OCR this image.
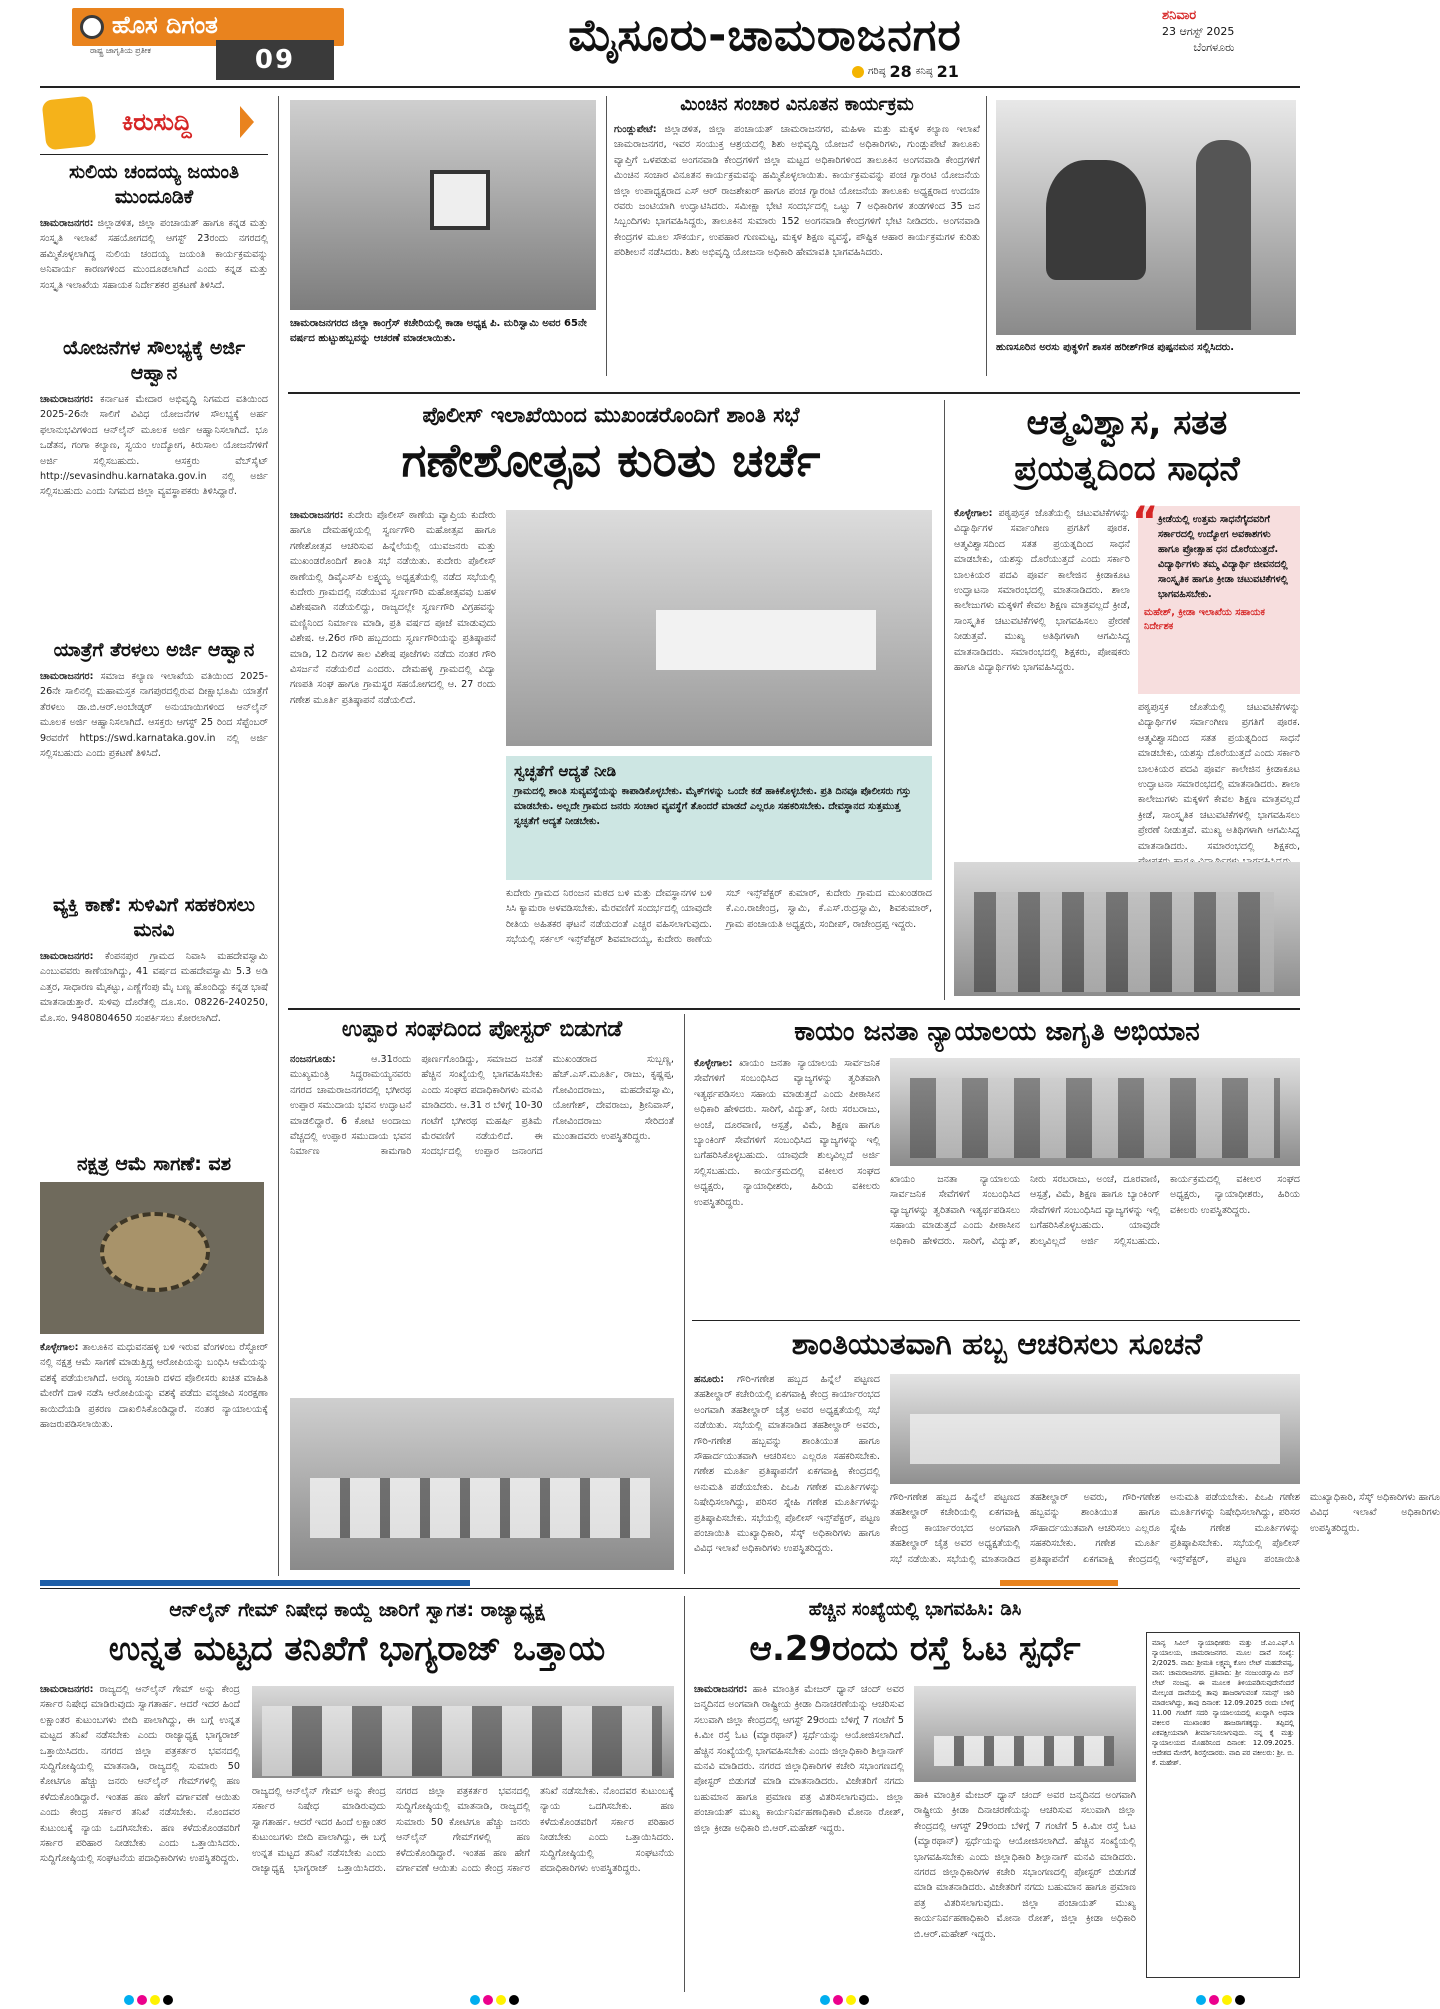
ಹೊಸ ದಿಗಂತ
ರಾಷ್ಟ್ರ ಜಾಗೃತಿಯ ಪ್ರತೀಕ	09	ಮೈಸೂರು-ಚಾಮರಾಜನಗರ
ಗರಿಷ್ಠ 28 ಕನಿಷ್ಠ 21
ಶನಿವಾರ
23 ಆಗಸ್ಟ್ 2025
ಬೆಂಗಳೂರು
ಕಿರುಸುದ್ದಿ
ಸುಲಿಯ ಚಂದಯ್ಯ ಜಯಂತಿ ಮುಂದೂಡಿಕೆ
ಚಾಮರಾಜನಗರ: ಜಿಲ್ಲಾಡಳಿತ, ಜಿಲ್ಲಾ ಪಂಚಾಯತ್ ಹಾಗೂ ಕನ್ನಡ ಮತ್ತು ಸಂಸ್ಕೃತಿ ಇಲಾಖೆ ಸಹಯೋಗದಲ್ಲಿ ಆಗಸ್ಟ್ 23ರಂದು ನಗರದಲ್ಲಿ ಹಮ್ಮಿಕೊಳ್ಳಲಾಗಿದ್ದ ನುಲಿಯ ಚಂದಯ್ಯ ಜಯಂತಿ ಕಾರ್ಯಕ್ರಮವನ್ನು ಅನಿವಾರ್ಯ ಕಾರಣಗಳಿಂದ ಮುಂದೂಡಲಾಗಿದೆ ಎಂದು ಕನ್ನಡ ಮತ್ತು ಸಂಸ್ಕೃತಿ ಇಲಾಖೆಯ ಸಹಾಯಕ ನಿರ್ದೇಶಕರ ಪ್ರಕಟಣೆ ತಿಳಿಸಿದೆ.
ಯೋಜನೆಗಳ ಸೌಲಭ್ಯಕ್ಕೆ ಅರ್ಜಿ ಆಹ್ವಾನ
ಚಾಮರಾಜನಗರ: ಕರ್ನಾಟಕ ಮೇದಾರ ಅಭಿವೃದ್ಧಿ ನಿಗಮದ ವತಿಯಿಂದ 2025-26ನೇ ಸಾಲಿಗೆ ವಿವಿಧ ಯೋಜನೆಗಳ ಸೌಲಭ್ಯಕ್ಕೆ ಅರ್ಹ ಫಲಾನುಭವಿಗಳಿಂದ ಆನ್‌ಲೈನ್ ಮೂಲಕ ಅರ್ಜಿ ಆಹ್ವಾನಿಸಲಾಗಿದೆ. ಭೂ ಒಡೆತನ, ಗಂಗಾ ಕಲ್ಯಾಣ, ಸ್ವಯಂ ಉದ್ಯೋಗ, ಕಿರುಸಾಲ ಯೋಜನೆಗಳಿಗೆ ಅರ್ಜಿ ಸಲ್ಲಿಸಬಹುದು. ಆಸಕ್ತರು ವೆಬ್‌ಸೈಟ್ http://sevasindhu.karnataka.gov.in ನಲ್ಲಿ ಅರ್ಜಿ ಸಲ್ಲಿಸಬಹುದು ಎಂದು ನಿಗಮದ ಜಿಲ್ಲಾ ವ್ಯವಸ್ಥಾಪಕರು ತಿಳಿಸಿದ್ದಾರೆ.
ಯಾತ್ರೆಗೆ ತೆರಳಲು ಅರ್ಜಿ ಆಹ್ವಾನ
ಚಾಮರಾಜನಗರ: ಸಮಾಜ ಕಲ್ಯಾಣ ಇಲಾಖೆಯ ವತಿಯಿಂದ 2025-26ನೇ ಸಾಲಿನಲ್ಲಿ ಮಹಾಮಸ್ತಕ ನಾಗಪುರದಲ್ಲಿರುವ ದೀಕ್ಷಾಭೂಮಿ ಯಾತ್ರೆಗೆ ತೆರಳಲು ಡಾ.ಬಿ.ಆರ್.ಅಂಬೇಡ್ಕರ್ ಅನುಯಾಯಿಗಳಿಂದ ಆನ್‌ಲೈನ್ ಮೂಲಕ ಅರ್ಜಿ ಆಹ್ವಾನಿಸಲಾಗಿದೆ. ಆಸಕ್ತರು ಆಗಸ್ಟ್ 25 ರಿಂದ ಸೆಪ್ಟೆಂಬರ್ 9ರವರೆಗೆ https://swd.karnataka.gov.in ನಲ್ಲಿ ಅರ್ಜಿ ಸಲ್ಲಿಸಬಹುದು ಎಂದು ಪ್ರಕಟಣೆ ತಿಳಿಸಿದೆ.
ವ್ಯಕ್ತಿ ಕಾಣೆ: ಸುಳಿವಿಗೆ ಸಹಕರಿಸಲು ಮನವಿ
ಚಾಮರಾಜನಗರ: ಕೆಂಪನಪುರ ಗ್ರಾಮದ ನಿವಾಸಿ ಮಹದೇವಸ್ವಾಮಿ ಎಂಬುವವರು ಕಾಣೆಯಾಗಿದ್ದು, 41 ವರ್ಷದ ಮಹದೇವಸ್ವಾಮಿ 5.3 ಅಡಿ ಎತ್ತರ, ಸಾಧಾರಣ ಮೈಕಟ್ಟು, ಎಣ್ಣೆಗೆಂಪು ಮೈ ಬಣ್ಣ ಹೊಂದಿದ್ದು ಕನ್ನಡ ಭಾಷೆ ಮಾತನಾಡುತ್ತಾರೆ. ಸುಳಿವು ದೊರೆತಲ್ಲಿ ದೂ.ಸಂ. 08226-240250, ಮೊ.ಸಂ. 9480804650 ಸಂಪರ್ಕಿಸಲು ಕೋರಲಾಗಿದೆ.
ನಕ್ಷತ್ರ ಆಮೆ ಸಾಗಣೆ: ವಶ
ಕೊಳ್ಳೇಗಾಲ: ತಾಲೂಕಿನ ಮಧುವನಹಳ್ಳಿ ಬಳಿ ಇರುವ ವೆಂಗಳಂಬ ರೆಸ್ಟೋರ್ ನಲ್ಲಿ ನಕ್ಷತ್ರ ಆಮೆ ಸಾಗಣೆ ಮಾಡುತ್ತಿದ್ದ ಆರೋಪಿಯನ್ನು ಬಂಧಿಸಿ ಆಮೆಯನ್ನು ವಶಕ್ಕೆ ಪಡೆಯಲಾಗಿದೆ. ಅರಣ್ಯ ಸಂಚಾರಿ ದಳದ ಪೊಲೀಸರು ಖಚಿತ ಮಾಹಿತಿ ಮೇರೆಗೆ ದಾಳಿ ನಡೆಸಿ ಆರೋಪಿಯನ್ನು ವಶಕ್ಕೆ ಪಡೆದು ವನ್ಯಜೀವಿ ಸಂರಕ್ಷಣಾ ಕಾಯಿದೆಯಡಿ ಪ್ರಕರಣ ದಾಖಲಿಸಿಕೊಂಡಿದ್ದಾರೆ. ನಂತರ ನ್ಯಾಯಾಲಯಕ್ಕೆ ಹಾಜರುಪಡಿಸಲಾಯಿತು.
ಚಾಮರಾಜನಗರದ ಜಿಲ್ಲಾ ಕಾಂಗ್ರೆಸ್ ಕಚೇರಿಯಲ್ಲಿ ಕಾಡಾ ಅಧ್ಯಕ್ಷ ಪಿ. ಮರಿಸ್ವಾಮಿ ಅವರ 65ನೇ ವರ್ಷದ ಹುಟ್ಟುಹಬ್ಬವನ್ನು ಆಚರಣೆ ಮಾಡಲಾಯಿತು.
ಮಿಂಚಿನ ಸಂಚಾರ ವಿನೂತನ ಕಾರ್ಯಕ್ರಮ
ಗುಂಡ್ಲುಪೇಟೆ: ಜಿಲ್ಲಾಡಳಿತ, ಜಿಲ್ಲಾ ಪಂಚಾಯತ್ ಚಾಮರಾಜನಗರ, ಮಹಿಳಾ ಮತ್ತು ಮಕ್ಕಳ ಕಲ್ಯಾಣ ಇಲಾಖೆ ಚಾಮರಾಜನಗರ, ಇವರ ಸಂಯುಕ್ತ ಆಶ್ರಯದಲ್ಲಿ ಶಿಶು ಅಭಿವೃದ್ಧಿ ಯೋಜನೆ ಅಧಿಕಾರಿಗಳು, ಗುಂಡ್ಲುಪೇಟೆ ತಾಲೂಕು ವ್ಯಾಪ್ತಿಗೆ ಒಳಪಡುವ ಅಂಗನವಾಡಿ ಕೇಂದ್ರಗಳಿಗೆ ಜಿಲ್ಲಾ ಮಟ್ಟದ ಅಧಿಕಾರಿಗಳಿಂದ ತಾಲೂಕಿನ ಅಂಗನವಾಡಿ ಕೇಂದ್ರಗಳಿಗೆ ಮಿಂಚಿನ ಸಂಚಾರ ವಿನೂತನ ಕಾರ್ಯಕ್ರಮವನ್ನು ಹಮ್ಮಿಕೊಳ್ಳಲಾಯಿತು. ಕಾರ್ಯಕ್ರಮವನ್ನು ಪಂಚ ಗ್ಯಾರಂಟಿ ಯೋಜನೆಯ ಜಿಲ್ಲಾ ಉಪಾಧ್ಯಕ್ಷರಾದ ಎಸ್ ಆರ್ ರಾಜಶೇಖರ್ ಹಾಗೂ ಪಂಚ ಗ್ಯಾರಂಟಿ ಯೋಜನೆಯ ತಾಲೂಕು ಅಧ್ಯಕ್ಷರಾದ ಉದಯಾ ರವರು ಜಂಟಿಯಾಗಿ ಉದ್ಘಾಟಿಸಿದರು. ಸಮೀಕ್ಷಾ ಭೇಟಿ ಸಂದರ್ಭದಲ್ಲಿ ಒಟ್ಟು 7 ಅಧಿಕಾರಿಗಳ ತಂಡಗಳಿಂದ 35 ಜನ ಸಿಬ್ಬಂದಿಗಳು ಭಾಗವಹಿಸಿದ್ದರು, ತಾಲೂಕಿನ ಸುಮಾರು 152 ಅಂಗನವಾಡಿ ಕೇಂದ್ರಗಳಿಗೆ ಭೇಟಿ ನೀಡಿದರು. ಅಂಗನವಾಡಿ ಕೇಂದ್ರಗಳ ಮೂಲ ಸೌಕರ್ಯ, ಉಪಹಾರ ಗುಣಮಟ್ಟ, ಮಕ್ಕಳ ಶಿಕ್ಷಣ ವ್ಯವಸ್ಥೆ, ಪೌಷ್ಟಿಕ ಆಹಾರ ಕಾರ್ಯಕ್ರಮಗಳ ಕುರಿತು ಪರಿಶೀಲನೆ ನಡೆಸಿದರು. ಶಿಶು ಅಭಿವೃದ್ಧಿ ಯೋಜನಾ ಅಧಿಕಾರಿ ಹೇಮಾವತಿ ಭಾಗವಹಿಸಿದರು.
ಹುಣಸೂರಿನ ಅರಸು ಪುತ್ಥಳಿಗೆ ಶಾಸಕ ಹರೀಶ್‌ಗೌಡ ಪುಷ್ಪನಮನ ಸಲ್ಲಿಸಿದರು.
ಪೊಲೀಸ್ ಇಲಾಖೆಯಿಂದ ಮುಖಂಡರೊಂದಿಗೆ ಶಾಂತಿ ಸಭೆ
ಗಣೇಶೋತ್ಸವ ಕುರಿತು ಚರ್ಚೆ
ಚಾಮರಾಜನಗರ: ಕುದೇರು ಪೊಲೀಸ್ ಠಾಣೆಯ ವ್ಯಾಪ್ತಿಯ ಕುದೇರು ಹಾಗೂ ದೇಮಹಳ್ಳಿಯಲ್ಲಿ ಸ್ವರ್ಣಗೌರಿ ಮಹೋತ್ಸವ ಹಾಗೂ ಗಣೇಶೋತ್ಸವ ಆಚರಿಸುವ ಹಿನ್ನೆಲೆಯಲ್ಲಿ ಯುವಜನರು ಮತ್ತು ಮುಖಂಡರೊಂದಿಗೆ ಶಾಂತಿ ಸಭೆ ನಡೆಯಿತು. ಕುದೇರು ಪೊಲೀಸ್ ಠಾಣೆಯಲ್ಲಿ ಡಿವೈಎಸ್‌ಪಿ ಲಕ್ಷ್ಮಯ್ಯ ಅಧ್ಯಕ್ಷತೆಯಲ್ಲಿ ನಡೆದ ಸಭೆಯಲ್ಲಿ ಕುದೇರು ಗ್ರಾಮದಲ್ಲಿ ನಡೆಯುವ ಸ್ವರ್ಣಗೌರಿ ಮಹೋತ್ಸವವು ಬಹಳ ವಿಶೇಷವಾಗಿ ನಡೆಯಲಿದ್ದು, ರಾಜ್ಯದಲ್ಲೇ ಸ್ವರ್ಣಗೌರಿ ವಿಗ್ರಹವನ್ನು ಮಣ್ಣಿನಿಂದ ನಿರ್ಮಾಣ ಮಾಡಿ, ಪ್ರತಿ ವರ್ಷದ ಪೂಜೆ ಮಾಡುವುದು ವಿಶೇಷ. ಆ.26ರ ಗೌರಿ ಹಬ್ಬದಂದು ಸ್ವರ್ಣಗೌರಿಯನ್ನು ಪ್ರತಿಷ್ಠಾಪನೆ ಮಾಡಿ, 12 ದಿನಗಳ ಕಾಲ ವಿಶೇಷ ಪೂಜೆಗಳು ನಡೆದು ನಂತರ ಗೌರಿ ವಿಸರ್ಜನೆ ನಡೆಯಲಿದೆ ಎಂದರು. ದೇಮಹಳ್ಳಿ ಗ್ರಾಮದಲ್ಲಿ ವಿದ್ಯಾ ಗಣಪತಿ ಸಂಘ ಹಾಗೂ ಗ್ರಾಮಸ್ಥರ ಸಹಯೋಗದಲ್ಲಿ ಆ. 27 ರಂದು ಗಣೇಶ ಮೂರ್ತಿ ಪ್ರತಿಷ್ಠಾಪನೆ ನಡೆಯಲಿದೆ.
ಸ್ವಚ್ಛತೆಗೆ ಆದ್ಯತೆ ನೀಡಿ
ಗ್ರಾಮದಲ್ಲಿ ಶಾಂತಿ ಸುವ್ಯವಸ್ಥೆಯನ್ನು ಕಾಪಾಡಿಕೊಳ್ಳಬೇಕು. ಮೈಕ್‌ಗಳನ್ನು ಒಂದೇ ಕಡೆ ಹಾಕಿಕೊಳ್ಳಬೇಕು. ಪ್ರತಿ ದಿನವೂ ಪೊಲೀಸರು ಗಸ್ತು ಮಾಡಬೇಕು. ಅಲ್ಲದೇ ಗ್ರಾಮದ ಜನರು ಸಂಚಾರ ವ್ಯವಸ್ಥೆಗೆ ತೊಂದರೆ ಮಾಡದೆ ಎಲ್ಲರೂ ಸಹಕರಿಸಬೇಕು. ದೇವಸ್ಥಾನದ ಸುತ್ತಮುತ್ತ ಸ್ವಚ್ಛತೆಗೆ ಆದ್ಯತೆ ನೀಡಬೇಕು.
ಕುದೇರು ಗ್ರಾಮದ ನಿರಂಜನ ಮಠದ ಬಳಿ ಮತ್ತು ದೇವಸ್ಥಾನಗಳ ಬಳಿ ಸಿಸಿ ಕ್ಯಾಮರಾ ಅಳವಡಿಸಬೇಕು. ಮೆರವಣಿಗೆ ಸಂದರ್ಭದಲ್ಲಿ ಯಾವುದೇ ರೀತಿಯ ಅಹಿತಕರ ಘಟನೆ ನಡೆಯದಂತೆ ಎಚ್ಚರ ವಹಿಸಲಾಗುವುದು. ಸಭೆಯಲ್ಲಿ ಸರ್ಕಲ್ ಇನ್ಸ್‌ಪೆಕ್ಟರ್ ಶಿವಮಾದಯ್ಯ, ಕುದೇರು ಠಾಣೆಯ ಸಬ್ ಇನ್ಸ್‌ಪೆಕ್ಟರ್ ಕುಮಾರ್, ಕುದೇರು ಗ್ರಾಮದ ಮುಖಂಡರಾದ ಕೆ.ಎಂ.ರಾಜೇಂದ್ರ, ಸ್ವಾಮಿ, ಕೆ.ಎಸ್.ರುದ್ರಸ್ವಾಮಿ, ಶಿವಕುಮಾರ್, ಗ್ರಾಮ ಪಂಚಾಯತಿ ಅಧ್ಯಕ್ಷರು, ಸಂದೀಪ್, ರಾಜೇಂದ್ರಪ್ಪ ಇದ್ದರು.
ಆತ್ಮವಿಶ್ವಾಸ, ಸತತ ಪ್ರಯತ್ನದಿಂದ ಸಾಧನೆ
ಕೊಳ್ಳೇಗಾಲ: ಪಠ್ಯಪುಸ್ತಕ ಜೊತೆಯಲ್ಲಿ ಚಟುವಟಿಕೆಗಳನ್ನು ವಿದ್ಯಾರ್ಥಿಗಳ ಸರ್ವಾಂಗೀಣ ಪ್ರಗತಿಗೆ ಪೂರಕ. ಆತ್ಮವಿಶ್ವಾಸದಿಂದ ಸತತ ಪ್ರಯತ್ನದಿಂದ ಸಾಧನೆ ಮಾಡಬೇಕು, ಯಶಸ್ಸು ದೊರೆಯುತ್ತದೆ ಎಂದು ಸರ್ಕಾರಿ ಬಾಲಕಿಯರ ಪದವಿ ಪೂರ್ವ ಕಾಲೇಜಿನ ಕ್ರೀಡಾಕೂಟ ಉದ್ಘಾಟನಾ ಸಮಾರಂಭದಲ್ಲಿ ಮಾತನಾಡಿದರು. ಶಾಲಾ ಕಾಲೇಜುಗಳು ಮಕ್ಕಳಿಗೆ ಕೇವಲ ಶಿಕ್ಷಣ ಮಾತ್ರವಲ್ಲದೆ ಕ್ರೀಡೆ, ಸಾಂಸ್ಕೃತಿಕ ಚಟುವಟಿಕೆಗಳಲ್ಲಿ ಭಾಗವಹಿಸಲು ಪ್ರೇರಣೆ ನೀಡುತ್ತವೆ. ಮುಖ್ಯ ಅತಿಥಿಗಳಾಗಿ ಆಗಮಿಸಿದ್ದ ಮಾತನಾಡಿದರು. ಸಮಾರಂಭದಲ್ಲಿ ಶಿಕ್ಷಕರು, ಪೋಷಕರು ಹಾಗೂ ವಿದ್ಯಾರ್ಥಿಗಳು ಭಾಗವಹಿಸಿದ್ದರು.
“ ಕ್ರೀಡೆಯಲ್ಲಿ ಉತ್ತಮ ಸಾಧನೆಗೈದವರಿಗೆ ಸರ್ಕಾರದಲ್ಲಿ ಉದ್ಯೋಗ ಅವಕಾಶಗಳು ಹಾಗೂ ಪ್ರೋತ್ಸಾಹ ಧನ ದೊರೆಯುತ್ತದೆ. ವಿದ್ಯಾರ್ಥಿಗಳು ತಮ್ಮ ವಿದ್ಯಾರ್ಥಿ ಜೀವನದಲ್ಲಿ ಸಾಂಸ್ಕೃತಿಕ ಹಾಗೂ ಕ್ರೀಡಾ ಚಟುವಟಿಕೆಗಳಲ್ಲಿ ಭಾಗವಹಿಸಬೇಕು.
ಮಹೇಶ್, ಕ್ರೀಡಾ ಇಲಾಖೆಯ ಸಹಾಯಕ ನಿರ್ದೇಶಕ
ಪಠ್ಯಪುಸ್ತಕ ಜೊತೆಯಲ್ಲಿ ಚಟುವಟಿಕೆಗಳನ್ನು ವಿದ್ಯಾರ್ಥಿಗಳ ಸರ್ವಾಂಗೀಣ ಪ್ರಗತಿಗೆ ಪೂರಕ. ಆತ್ಮವಿಶ್ವಾಸದಿಂದ ಸತತ ಪ್ರಯತ್ನದಿಂದ ಸಾಧನೆ ಮಾಡಬೇಕು, ಯಶಸ್ಸು ದೊರೆಯುತ್ತದೆ ಎಂದು ಸರ್ಕಾರಿ ಬಾಲಕಿಯರ ಪದವಿ ಪೂರ್ವ ಕಾಲೇಜಿನ ಕ್ರೀಡಾಕೂಟ ಉದ್ಘಾಟನಾ ಸಮಾರಂಭದಲ್ಲಿ ಮಾತನಾಡಿದರು. ಶಾಲಾ ಕಾಲೇಜುಗಳು ಮಕ್ಕಳಿಗೆ ಕೇವಲ ಶಿಕ್ಷಣ ಮಾತ್ರವಲ್ಲದೆ ಕ್ರೀಡೆ, ಸಾಂಸ್ಕೃತಿಕ ಚಟುವಟಿಕೆಗಳಲ್ಲಿ ಭಾಗವಹಿಸಲು ಪ್ರೇರಣೆ ನೀಡುತ್ತವೆ. ಮುಖ್ಯ ಅತಿಥಿಗಳಾಗಿ ಆಗಮಿಸಿದ್ದ ಮಾತನಾಡಿದರು. ಸಮಾರಂಭದಲ್ಲಿ ಶಿಕ್ಷಕರು,
ಉಪ್ಪಾರ ಸಂಘದಿಂದ ಪೋಸ್ಟರ್ ಬಿಡುಗಡೆ
ನಂಜನಗೂಡು:	ಆ.31ರಂದು ಮುಖ್ಯಮಂತ್ರಿ ಸಿದ್ದರಾಮಯ್ಯನವರು ನಗರದ ಚಾಮರಾಜನಗರದಲ್ಲಿ ಭಗೀರಥ ಉಪ್ಪಾರ ಸಮುದಾಯ ಭವನ ಉದ್ಘಾಟನೆ ಮಾಡಲಿದ್ದಾರೆ. 6 ಕೋಟಿ ಅಂದಾಜು ವೆಚ್ಚದಲ್ಲಿ ಉಪ್ಪಾರ ಸಮುದಾಯ ಭವನ ನಿರ್ಮಾಣ ಕಾಮಗಾರಿ ಪೂರ್ಣಗೊಂಡಿದ್ದು, ಸಮಾಜದ ಜನತೆ ಹೆಚ್ಚಿನ ಸಂಖ್ಯೆಯಲ್ಲಿ ಭಾಗವಹಿಸಬೇಕು ಎಂದು ಸಂಘದ ಪದಾಧಿಕಾರಿಗಳು ಮನವಿ ಮಾಡಿದರು. ಆ.31 ರ ಬೆಳಿಗ್ಗೆ 10-30 ಗಂಟೆಗೆ ಭಗೀರಥ ಮಹರ್ಷಿ ಪ್ರತಿಮೆ ಮೆರವಣಿಗೆ ನಡೆಯಲಿದೆ. ಈ ಸಂದರ್ಭದಲ್ಲಿ ಉಪ್ಪಾರ ಜನಾಂಗದ ಮುಖಂಡರಾದ ಸುಬ್ಬಣ್ಣ, ಹೆಚ್.ಎಸ್.ಮೂರ್ತಿ, ರಾಜು, ಕೃಷ್ಣಪ್ಪ, ಗೋವಿಂದರಾಜು, ಮಹದೇವಸ್ವಾಮಿ, ಯೋಗೇಶ್, ದೇವರಾಜು, ಶ್ರೀನಿವಾಸ್, ಗೋವಿಂದರಾಜು ಸೇರಿದಂತೆ ಮುಂತಾದವರು ಉಪಸ್ಥಿತರಿದ್ದರು.
ಕಾಯಂ ಜನತಾ ನ್ಯಾಯಾಲಯ ಜಾಗೃತಿ ಅಭಿಯಾನ
ಕೊಳ್ಳೇಗಾಲ: ಖಾಯಂ ಜನತಾ ನ್ಯಾಯಾಲಯ ಸಾರ್ವಜನಿಕ ಸೇವೆಗಳಿಗೆ ಸಂಬಂಧಿಸಿದ ವ್ಯಾಜ್ಯಗಳನ್ನು ತ್ವರಿತವಾಗಿ ಇತ್ಯರ್ಥಪಡಿಸಲು ಸಹಾಯ ಮಾಡುತ್ತದೆ ಎಂದು ಪೀಠಾಸೀನ ಅಧಿಕಾರಿ ಹೇಳಿದರು. ಸಾರಿಗೆ, ವಿದ್ಯುತ್, ನೀರು ಸರಬರಾಜು, ಅಂಚೆ, ದೂರವಾಣಿ, ಆಸ್ಪತ್ರೆ, ವಿಮೆ, ಶಿಕ್ಷಣ ಹಾಗೂ ಬ್ಯಾಂಕಿಂಗ್ ಸೇವೆಗಳಿಗೆ ಸಂಬಂಧಿಸಿದ ವ್ಯಾಜ್ಯಗಳನ್ನು ಇಲ್ಲಿ ಬಗೆಹರಿಸಿಕೊಳ್ಳಬಹುದು. ಯಾವುದೇ ಶುಲ್ಕವಿಲ್ಲದೆ ಅರ್ಜಿ ಸಲ್ಲಿಸಬಹುದು. ಕಾರ್ಯಕ್ರಮದಲ್ಲಿ ವಕೀಲರ ಸಂಘದ ಅಧ್ಯಕ್ಷರು, ನ್ಯಾಯಾಧೀಶರು, ಹಿರಿಯ ವಕೀಲರು ಉಪಸ್ಥಿತರಿದ್ದರು.
ಖಾಯಂ ಜನತಾ ನ್ಯಾಯಾಲಯ ಸಾರ್ವಜನಿಕ ಸೇವೆಗಳಿಗೆ ಸಂಬಂಧಿಸಿದ ವ್ಯಾಜ್ಯಗಳನ್ನು ತ್ವರಿತವಾಗಿ ಇತ್ಯರ್ಥಪಡಿಸಲು ಸಹಾಯ ಮಾಡುತ್ತದೆ ಎಂದು ಪೀಠಾಸೀನ ಅಧಿಕಾರಿ ಹೇಳಿದರು. ಸಾರಿಗೆ, ವಿದ್ಯುತ್, ನೀರು ಸರಬರಾಜು, ಅಂಚೆ, ದೂರವಾಣಿ, ಆಸ್ಪತ್ರೆ, ವಿಮೆ, ಶಿಕ್ಷಣ ಹಾಗೂ ಬ್ಯಾಂಕಿಂಗ್ ಸೇವೆಗಳಿಗೆ ಸಂಬಂಧಿಸಿದ ವ್ಯಾಜ್ಯಗಳನ್ನು ಇಲ್ಲಿ ಬಗೆಹರಿಸಿಕೊಳ್ಳಬಹುದು. ಯಾವುದೇ ಶುಲ್ಕವಿಲ್ಲದೆ ಅರ್ಜಿ ಸಲ್ಲಿಸಬಹುದು. ಕಾರ್ಯಕ್ರಮದಲ್ಲಿ ವಕೀಲರ ಸಂಘದ ಅಧ್ಯಕ್ಷರು, ನ್ಯಾಯಾಧೀಶರು, ಹಿರಿಯ ವಕೀಲರು ಉಪಸ್ಥಿತರಿದ್ದರು.
ಶಾಂತಿಯುತವಾಗಿ ಹಬ್ಬ ಆಚರಿಸಲು ಸೂಚನೆ
ಹನೂರು: ಗೌರಿ-ಗಣೇಶ ಹಬ್ಬದ ಹಿನ್ನೆಲೆ ಪಟ್ಟಣದ ತಹಶೀಲ್ದಾರ್ ಕಚೇರಿಯಲ್ಲಿ ಏಕಗವಾಕ್ಷಿ ಕೇಂದ್ರ ಕಾರ್ಯಾರಂಭದ ಅಂಗವಾಗಿ ತಹಶೀಲ್ದಾರ್ ಚೈತ್ರ ಅವರ ಅಧ್ಯಕ್ಷತೆಯಲ್ಲಿ ಸಭೆ ನಡೆಯಿತು. ಸಭೆಯಲ್ಲಿ ಮಾತನಾಡಿದ ತಹಶೀಲ್ದಾರ್ ಅವರು, ಗೌರಿ-ಗಣೇಶ ಹಬ್ಬವನ್ನು ಶಾಂತಿಯುತ ಹಾಗೂ ಸೌಹಾರ್ದಯುತವಾಗಿ ಆಚರಿಸಲು ಎಲ್ಲರೂ ಸಹಕರಿಸಬೇಕು. ಗಣೇಶ ಮೂರ್ತಿ ಪ್ರತಿಷ್ಠಾಪನೆಗೆ ಏಕಗವಾಕ್ಷಿ ಕೇಂದ್ರದಲ್ಲಿ ಅನುಮತಿ ಪಡೆಯಬೇಕು. ಪಿಒಪಿ ಗಣೇಶ ಮೂರ್ತಿಗಳನ್ನು ನಿಷೇಧಿಸಲಾಗಿದ್ದು, ಪರಿಸರ ಸ್ನೇಹಿ ಗಣೇಶ ಮೂರ್ತಿಗಳನ್ನು ಪ್ರತಿಷ್ಠಾಪಿಸಬೇಕು. ಸಭೆಯಲ್ಲಿ ಪೊಲೀಸ್ ಇನ್ಸ್‌ಪೆಕ್ಟರ್, ಪಟ್ಟಣ ಪಂಚಾಯಿತಿ ಮುಖ್ಯಾಧಿಕಾರಿ, ಸೆಸ್ಕ್ ಅಧಿಕಾರಿಗಳು ಹಾಗೂ ವಿವಿಧ ಇಲಾಖೆ ಅಧಿಕಾರಿಗಳು ಉಪಸ್ಥಿತರಿದ್ದರು.
ಗೌರಿ-ಗಣೇಶ ಹಬ್ಬದ ಹಿನ್ನೆಲೆ ಪಟ್ಟಣದ ತಹಶೀಲ್ದಾರ್ ಕಚೇರಿಯಲ್ಲಿ ಏಕಗವಾಕ್ಷಿ ಕೇಂದ್ರ ಕಾರ್ಯಾರಂಭದ ಅಂಗವಾಗಿ ತಹಶೀಲ್ದಾರ್ ಚೈತ್ರ ಅವರ ಅಧ್ಯಕ್ಷತೆಯಲ್ಲಿ ಸಭೆ ನಡೆಯಿತು. ಸಭೆಯಲ್ಲಿ ಮಾತನಾಡಿದ ತಹಶೀಲ್ದಾರ್ ಅವರು, ಗೌರಿ-ಗಣೇಶ ಹಬ್ಬವನ್ನು ಶಾಂತಿಯುತ ಹಾಗೂ ಸೌಹಾರ್ದಯುತವಾಗಿ ಆಚರಿಸಲು ಎಲ್ಲರೂ ಸಹಕರಿಸಬೇಕು. ಗಣೇಶ ಮೂರ್ತಿ ಪ್ರತಿಷ್ಠಾಪನೆಗೆ ಏಕಗವಾಕ್ಷಿ ಕೇಂದ್ರದಲ್ಲಿ ಅನುಮತಿ ಪಡೆಯಬೇಕು. ಪಿಒಪಿ ಗಣೇಶ ಮೂರ್ತಿಗಳನ್ನು ನಿಷೇಧಿಸಲಾಗಿದ್ದು, ಪರಿಸರ ಸ್ನೇಹಿ ಗಣೇಶ ಮೂರ್ತಿಗಳನ್ನು ಪ್ರತಿಷ್ಠಾಪಿಸಬೇಕು. ಸಭೆಯಲ್ಲಿ ಪೊಲೀಸ್ ಇನ್ಸ್‌ಪೆಕ್ಟರ್, ಪಟ್ಟಣ ಪಂಚಾಯಿತಿ ಮುಖ್ಯಾಧಿಕಾರಿ, ಸೆಸ್ಕ್ ಅಧಿಕಾರಿಗಳು ಹಾಗೂ ವಿವಿಧ ಇಲಾಖೆ ಅಧಿಕಾರಿಗಳು ಉಪಸ್ಥಿತರಿದ್ದರು.
ಆನ್‌ಲೈನ್ ಗೇಮ್ ನಿಷೇಧ ಕಾಯ್ದೆ ಜಾರಿಗೆ ಸ್ವಾಗತ: ರಾಜ್ಯಾಧ್ಯಕ್ಷ
ಉನ್ನತ ಮಟ್ಟದ ತನಿಖೆಗೆ ಭಾಗ್ಯರಾಜ್ ಒತ್ತಾಯ
ಚಾಮರಾಜನಗರ: ರಾಜ್ಯದಲ್ಲಿ ಆನ್‌ಲೈನ್ ಗೇಮ್ ಅನ್ನು ಕೇಂದ್ರ ಸರ್ಕಾರ ನಿಷೇಧ ಮಾಡಿರುವುದು ಸ್ವಾಗತಾರ್ಹ. ಆದರೆ ಇದರ ಹಿಂದೆ ಲಕ್ಷಾಂತರ ಕುಟುಂಬಗಳು ಬೀದಿ ಪಾಲಾಗಿದ್ದು, ಈ ಬಗ್ಗೆ ಉನ್ನತ ಮಟ್ಟದ ತನಿಖೆ ನಡೆಸಬೇಕು ಎಂದು ರಾಜ್ಯಾಧ್ಯಕ್ಷ ಭಾಗ್ಯರಾಜ್ ಒತ್ತಾಯಿಸಿದರು. ನಗರದ ಜಿಲ್ಲಾ ಪತ್ರಕರ್ತರ ಭವನದಲ್ಲಿ ಸುದ್ದಿಗೋಷ್ಠಿಯಲ್ಲಿ ಮಾತನಾಡಿ, ರಾಜ್ಯದಲ್ಲಿ ಸುಮಾರು 50 ಕೋಟಿಗೂ ಹೆಚ್ಚು ಜನರು ಆನ್‌ಲೈನ್ ಗೇಮ್‌ಗಳಲ್ಲಿ ಹಣ ಕಳೆದುಕೊಂಡಿದ್ದಾರೆ. ಇಂತಹ ಹಣ ಹೇಗೆ ವರ್ಗಾವಣೆ ಆಯಿತು ಎಂದು ಕೇಂದ್ರ ಸರ್ಕಾರ ತನಿಖೆ ನಡೆಸಬೇಕು. ನೊಂದವರ ಕುಟುಂಬಕ್ಕೆ ನ್ಯಾಯ ಒದಗಿಸಬೇಕು. ಹಣ ಕಳೆದುಕೊಂಡವರಿಗೆ ಸರ್ಕಾರ ಪರಿಹಾರ ನೀಡಬೇಕು ಎಂದು ಒತ್ತಾಯಿಸಿದರು. ಸುದ್ದಿಗೋಷ್ಠಿಯಲ್ಲಿ ಸಂಘಟನೆಯ ಪದಾಧಿಕಾರಿಗಳು ಉಪಸ್ಥಿತರಿದ್ದರು.
ರಾಜ್ಯದಲ್ಲಿ ಆನ್‌ಲೈನ್ ಗೇಮ್ ಅನ್ನು ಕೇಂದ್ರ ಸರ್ಕಾರ ನಿಷೇಧ ಮಾಡಿರುವುದು ಸ್ವಾಗತಾರ್ಹ. ಆದರೆ ಇದರ ಹಿಂದೆ ಲಕ್ಷಾಂತರ ಕುಟುಂಬಗಳು ಬೀದಿ ಪಾಲಾಗಿದ್ದು, ಈ ಬಗ್ಗೆ ಉನ್ನತ ಮಟ್ಟದ ತನಿಖೆ ನಡೆಸಬೇಕು ಎಂದು ರಾಜ್ಯಾಧ್ಯಕ್ಷ ಭಾಗ್ಯರಾಜ್ ಒತ್ತಾಯಿಸಿದರು. ನಗರದ ಜಿಲ್ಲಾ ಪತ್ರಕರ್ತರ ಭವನದಲ್ಲಿ ಸುದ್ದಿಗೋಷ್ಠಿಯಲ್ಲಿ ಮಾತನಾಡಿ, ರಾಜ್ಯದಲ್ಲಿ ಸುಮಾರು 50 ಕೋಟಿಗೂ ಹೆಚ್ಚು ಜನರು ಆನ್‌ಲೈನ್ ಗೇಮ್‌ಗಳಲ್ಲಿ ಹಣ ಕಳೆದುಕೊಂಡಿದ್ದಾರೆ. ಇಂತಹ ಹಣ ಹೇಗೆ ವರ್ಗಾವಣೆ ಆಯಿತು ಎಂದು ಕೇಂದ್ರ ಸರ್ಕಾರ ತನಿಖೆ ನಡೆಸಬೇಕು. ನೊಂದವರ ಕುಟುಂಬಕ್ಕೆ ನ್ಯಾಯ ಒದಗಿಸಬೇಕು. ಹಣ ಕಳೆದುಕೊಂಡವರಿಗೆ ಸರ್ಕಾರ ಪರಿಹಾರ ನೀಡಬೇಕು ಎಂದು ಒತ್ತಾಯಿಸಿದರು. ಸುದ್ದಿಗೋಷ್ಠಿಯಲ್ಲಿ ಸಂಘಟನೆಯ ಪದಾಧಿಕಾರಿಗಳು ಉಪಸ್ಥಿತರಿದ್ದರು.
ಹೆಚ್ಚಿನ ಸಂಖ್ಯೆಯಲ್ಲಿ ಭಾಗವಹಿಸಿ: ಡಿಸಿ
ಆ.29ರಂದು ರಸ್ತೆ ಓಟ ಸ್ಪರ್ಧೆ
ಚಾಮರಾಜನಗರ: ಹಾಕಿ ಮಾಂತ್ರಿಕ ಮೇಜರ್ ಧ್ಯಾನ್ ಚಂದ್ ಅವರ ಜನ್ಮದಿನದ ಅಂಗವಾಗಿ ರಾಷ್ಟ್ರೀಯ ಕ್ರೀಡಾ ದಿನಾಚರಣೆಯನ್ನು ಆಚರಿಸುವ ಸಲುವಾಗಿ ಜಿಲ್ಲಾ ಕೇಂದ್ರದಲ್ಲಿ ಆಗಸ್ಟ್ 29ರಂದು ಬೆಳಿಗ್ಗೆ 7 ಗಂಟೆಗೆ 5 ಕಿ.ಮೀ ರಸ್ತೆ ಓಟ (ಮ್ಯಾರಥಾನ್) ಸ್ಪರ್ಧೆಯನ್ನು ಆಯೋಜಿಸಲಾಗಿದೆ. ಹೆಚ್ಚಿನ ಸಂಖ್ಯೆಯಲ್ಲಿ ಭಾಗವಹಿಸಬೇಕು ಎಂದು ಜಿಲ್ಲಾಧಿಕಾರಿ ಶಿಲ್ಪಾನಾಗ್ ಮನವಿ ಮಾಡಿದರು. ನಗರದ ಜಿಲ್ಲಾಧಿಕಾರಿಗಳ ಕಚೇರಿ ಸಭಾಂಗಣದಲ್ಲಿ ಪೋಸ್ಟರ್ ಬಿಡುಗಡೆ ಮಾಡಿ ಮಾತನಾಡಿದರು. ವಿಜೇತರಿಗೆ ನಗದು ಬಹುಮಾನ ಹಾಗೂ ಪ್ರಮಾಣ ಪತ್ರ ವಿತರಿಸಲಾಗುವುದು. ಜಿಲ್ಲಾ ಪಂಚಾಯತ್ ಮುಖ್ಯ ಕಾರ್ಯನಿರ್ವಹಣಾಧಿಕಾರಿ ಮೋನಾ ರೋತ್, ಜಿಲ್ಲಾ ಕ್ರೀಡಾ ಅಧಿಕಾರಿ ಬಿ.ಆರ್.ಮಹೇಶ್ ಇದ್ದರು.
ಹಾಕಿ ಮಾಂತ್ರಿಕ ಮೇಜರ್ ಧ್ಯಾನ್ ಚಂದ್ ಅವರ ಜನ್ಮದಿನದ ಅಂಗವಾಗಿ ರಾಷ್ಟ್ರೀಯ ಕ್ರೀಡಾ ದಿನಾಚರಣೆಯನ್ನು ಆಚರಿಸುವ ಸಲುವಾಗಿ ಜಿಲ್ಲಾ ಕೇಂದ್ರದಲ್ಲಿ ಆಗಸ್ಟ್ 29ರಂದು ಬೆಳಿಗ್ಗೆ 7 ಗಂಟೆಗೆ 5 ಕಿ.ಮೀ ರಸ್ತೆ ಓಟ (ಮ್ಯಾರಥಾನ್) ಸ್ಪರ್ಧೆಯನ್ನು ಆಯೋಜಿಸಲಾಗಿದೆ. ಹೆಚ್ಚಿನ ಸಂಖ್ಯೆಯಲ್ಲಿ ಭಾಗವಹಿಸಬೇಕು ಎಂದು ಜಿಲ್ಲಾಧಿಕಾರಿ ಶಿಲ್ಪಾನಾಗ್ ಮನವಿ ಮಾಡಿದರು. ನಗರದ ಜಿಲ್ಲಾಧಿಕಾರಿಗಳ ಕಚೇರಿ ಸಭಾಂಗಣದಲ್ಲಿ ಪೋಸ್ಟರ್ ಬಿಡುಗಡೆ ಮಾಡಿ ಮಾತನಾಡಿದರು. ವಿಜೇತರಿಗೆ ನಗದು ಬಹುಮಾನ ಹಾಗೂ ಪ್ರಮಾಣ ಪತ್ರ ವಿತರಿಸಲಾಗುವುದು. ಜಿಲ್ಲಾ ಪಂಚಾಯತ್ ಮುಖ್ಯ ಕಾರ್ಯನಿರ್ವಹಣಾಧಿಕಾರಿ ಮೋನಾ ರೋತ್, ಜಿಲ್ಲಾ ಕ್ರೀಡಾ ಅಧಿಕಾರಿ ಬಿ.ಆರ್.ಮಹೇಶ್ ಇದ್ದರು.
ಮಾನ್ಯ ಸಿವಿಲ್ ನ್ಯಾಯಾಧೀಶರು ಮತ್ತು ಜೆ.ಎಂ.ಎಫ್.ಸಿ ನ್ಯಾಯಾಲಯ, ಚಾಮರಾಜನಗರ. ಮೂಲ ದಾವೆ ಸಂಖ್ಯೆ: 2/2025. ವಾದಿ: ಶ್ರೀಮತಿ ಲಕ್ಷ್ಮಮ್ಮ ಕೋಂ ಲೇಟ್ ಮಹದೇವಪ್ಪ, ವಾಸ: ಚಾಮರಾಜನಗರ. ಪ್ರತಿವಾದಿ: ಶ್ರೀ ನಂಜುಂಡಸ್ವಾಮಿ ಬಿನ್ ಲೇಟ್ ನಂಜಪ್ಪ. ಈ ಮೂಲಕ ತಿಳಿಯಪಡಿಸುವುದೇನೆಂದರೆ ಮೇಲ್ಕಂಡ ದಾವೆಯಲ್ಲಿ ತಾವು ಹಾಜರಾಗುವಂತೆ ಸಮನ್ಸ್ ಜಾರಿ ಮಾಡಲಾಗಿದ್ದು, ತಾವು ದಿನಾಂಕ: 12.09.2025 ರಂದು ಬೆಳಿಗ್ಗೆ 11.00 ಗಂಟೆಗೆ ಸದರಿ ನ್ಯಾಯಾಲಯದಲ್ಲಿ ಖುದ್ದಾಗಿ ಅಥವಾ ವಕೀಲರ ಮುಖಾಂತರ ಹಾಜರಾಗತಕ್ಕದ್ದು. ತಪ್ಪಿದಲ್ಲಿ ಏಕಪಕ್ಷೀಯವಾಗಿ ತೀರ್ಮಾನಿಸಲಾಗುವುದು. ನನ್ನ ಕೈ ಮತ್ತು ನ್ಯಾಯಾಲಯದ ಮೊಹರಿನಿಂದ ದಿನಾಂಕ: 12.09.2025. ಆದೇಶದ ಮೇರೆಗೆ, ಶಿರಸ್ತೇದಾರರು. ವಾದಿ ಪರ ವಕೀಲರು: ಶ್ರೀ. ಬಿ. ಕೆ. ಮಹೇಶ್.
